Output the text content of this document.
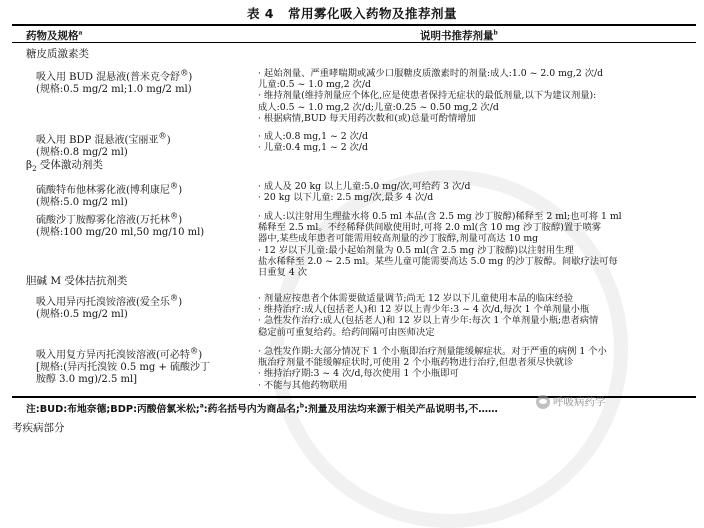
表 4 常用雾化吸入药物及推荐剂量
药物及规格$^a$	说明书推荐剂量$^b$
糖皮质激素类
吸入用 BUD 混悬液(普米克令舒®)
(规格:0.5 mg/2 ml;1.0 mg/2 ml)
· 起始剂量、严重哮喘期或减少口服糖皮质激素时的剂量:成人:1.0 ~ 2.0 mg,2 次/d
儿童:0.5 ~ 1.0 mg,2 次/d
· 维持剂量(维持剂量应个体化,应是使患者保持无症状的最低剂量,以下为建议剂量):
成人:0.5 ~ 1.0 mg,2 次/d;儿童:0.25 ~ 0.50 mg,2 次/d
· 根据病情,BUD 每天用药次数和(或)总量可酌情增加
吸入用 BDP 混悬液(宝丽亚®)
(规格:0.8 mg/2 ml)
· 成人:0.8 mg,1 ~ 2 次/d
· 儿童:0.4 mg,1 ~ 2 次/d
$\beta_2$ 受体激动剂类
硫酸特布他林雾化液(博利康尼®)
(规格:5.0 mg/2 ml)
· 成人及 20 kg 以上儿童:5.0 mg/次,可给药 3 次/d
· 20 kg 以下儿童: 2.5 mg/次,最多 4 次/d
硫酸沙丁胺醇雾化溶液(万托林®)
(规格:100 mg/20 ml,50 mg/10 ml)
· 成人:以注射用生理盐水将 0.5 ml 本品(含 2.5 mg 沙丁胺醇)稀释至 2 ml;也可将 1 ml
稀释至 2.5 ml。不经稀释供间歇使用时,可将 2.0 ml(含 10 mg 沙丁胺醇)置于喷雾
器中,某些成年患者可能需用较高剂量的沙丁胺醇,剂量可高达 10 mg
· 12 岁以下儿童:最小起始剂量为 0.5 ml(含 2.5 mg 沙丁胺醇)以注射用生理
盐水稀释至 2.0 ~ 2.5 ml。某些儿童可能需要高达 5.0 mg 的沙丁胺醇。间歇疗法可每
日重复 4 次
胆碱 M 受体拮抗剂类
吸入用异丙托溴铵溶液(爱全乐®)
(规格:0.5 mg/2 ml)
· 剂量应按患者个体需要做适量调节;尚无 12 岁以下儿童使用本品的临床经验
· 维持治疗:成人(包括老人)和 12 岁以上青少年:3 ~ 4 次/d,每次 1 个单剂量小瓶
· 急性发作治疗:成人(包括老人)和 12 岁以上青少年:每次 1 个单剂量小瓶;患者病情
稳定前可重复给药。给药间隔可由医师决定
吸入用复方异丙托溴铵溶液(可必特®)
[规格:(异丙托溴铵 0.5 mg + 硫酸沙丁
胺醇 3.0 mg)/2.5 ml]
· 急性发作期:大部分情况下 1 个小瓶即治疗剂量能缓解症状。对于严重的病例 1 个小
瓶治疗剂量不能缓解症状时,可使用 2 个小瓶药物进行治疗,但患者须尽快就诊
· 维持治疗期:3 ~ 4 次/d,每次使用 1 个小瓶即可
· 不能与其他药物联用
注:BUD:布地奈德;BDP:丙酸倍氯米松;$^a$:药名括号内为商品名;$^b$:剂量及用法均来源于相关产品说明书,不……
呼吸病药学
考疾病部分
